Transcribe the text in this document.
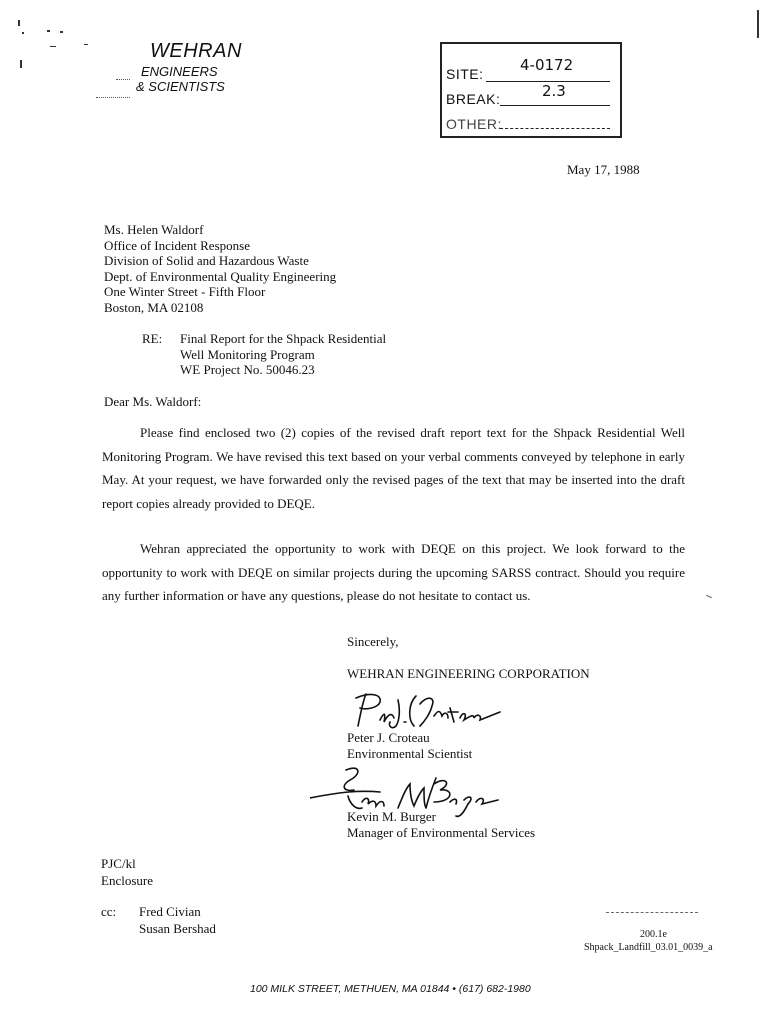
WEHRAN
ENGINEERS
& SCIENTISTS
SITE: 4-0172
BREAK:	2.3
OTHER:
May 17, 1988
Ms. Helen Waldorf
Office of Incident Response
Division of Solid and Hazardous Waste
Dept. of Environmental Quality Engineering
One Winter Street - Fifth Floor
Boston, MA 02108
RE: Final Report for the Shpack Residential
Well Monitoring Program
WE Project No. 50046.23
Dear Ms. Waldorf:

Please find enclosed two (2) copies of the revised draft report text for the Shpack Residential Well Monitoring Program. We have revised this text based on your verbal comments conveyed by telephone in early May. At your request, we have forwarded only the revised pages of the text that may be inserted into the draft report copies already provided to DEQE.

Wehran appreciated the opportunity to work with DEQE on this project. We look forward to the opportunity to work with DEQE on similar projects during the upcoming SARSS contract. Should you require any further information or have any questions, please do not hesitate to contact us.

Sincerely,
WEHRAN ENGINEERING CORPORATION
Peter J. Croteau
Environmental Scientist
Kevin M. Burger
Manager of Environmental Services
PJC/kl
Enclosure
cc: Fred Civian
Susan Bershad	200.1e
Shpack_Landfill_03.01_0039_a
100 MILK STREET, METHUEN, MA 01844 • (617) 682-1980
